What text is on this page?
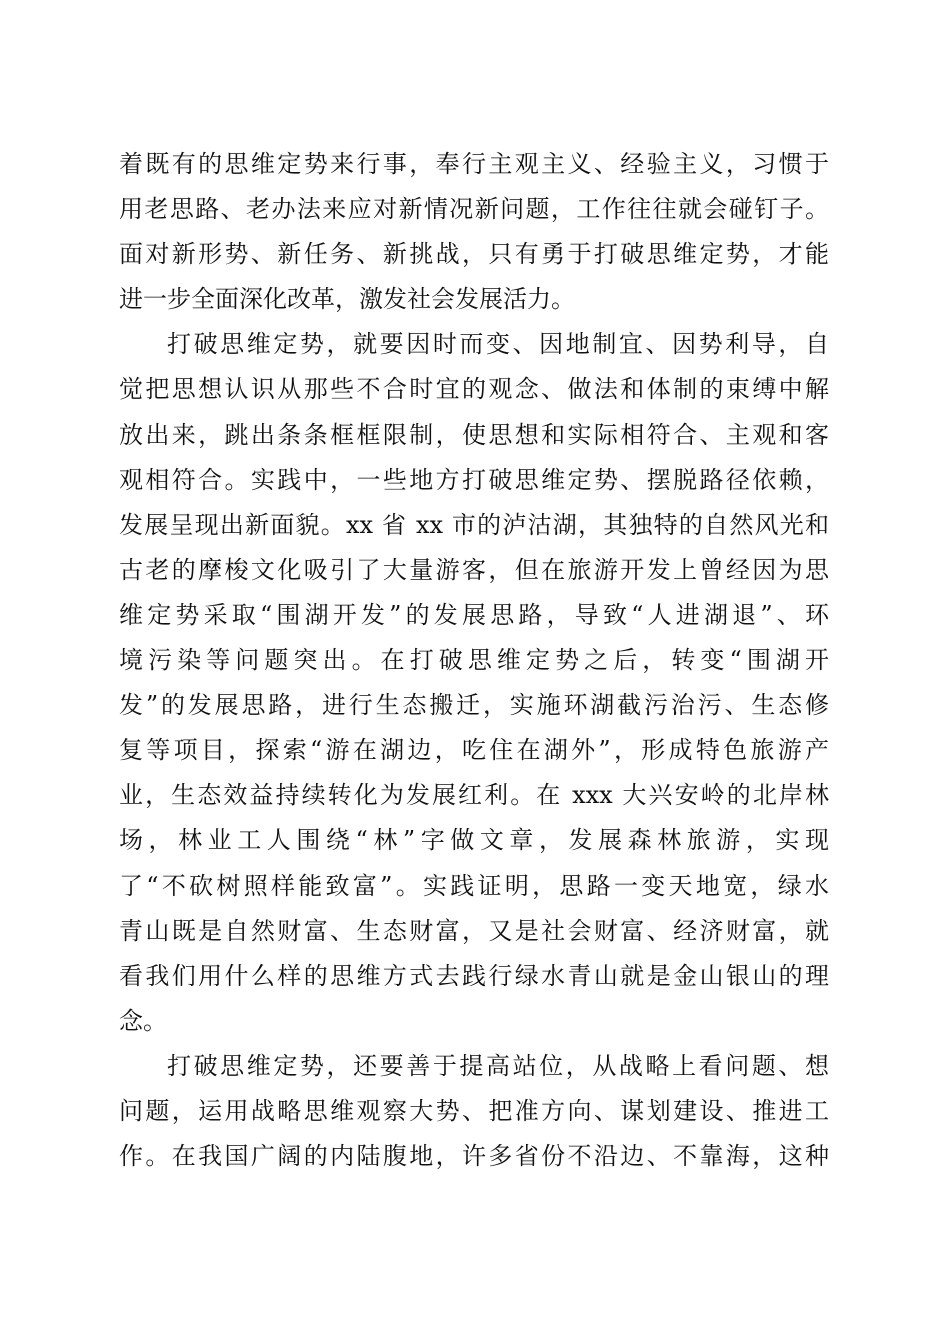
着既有的思维定势来行事，奉行主观主义、经验主义，习惯于
用老思路、老办法来应对新情况新问题，工作往往就会碰钉子。
面对新形势、新任务、新挑战，只有勇于打破思维定势，才能
进一步全面深化改革，激发社会发展活力。
打破思维定势，就要因时而变、因地制宜、因势利导，自
觉把思想认识从那些不合时宜的观念、做法和体制的束缚中解
放出来，跳出条条框框限制，使思想和实际相符合、主观和客
观相符合。实践中，一些地方打破思维定势、摆脱路径依赖，
发展呈现出新面貌。xx 省 xx 市的泸沽湖，其独特的自然风光和
古老的摩梭文化吸引了大量游客，但在旅游开发上曾经因为思
维定势采取“围湖开发”的发展思路，导致“人进湖退”、环
境污染等问题突出。在打破思维定势之后，转变“围湖开
发”的发展思路，进行生态搬迁，实施环湖截污治污、生态修
复等项目，探索“游在湖边，吃住在湖外”，形成特色旅游产
业，生态效益持续转化为发展红利。在 xxx 大兴安岭的北岸林
场，林业工人围绕“林”字做文章，发展森林旅游，实现
了“不砍树照样能致富”。实践证明，思路一变天地宽，绿水
青山既是自然财富、生态财富，又是社会财富、经济财富，就
看我们用什么样的思维方式去践行绿水青山就是金山银山的理
念。
打破思维定势，还要善于提高站位，从战略上看问题、想
问题，运用战略思维观察大势、把准方向、谋划建设、推进工
作。在我国广阔的内陆腹地，许多省份不沿边、不靠海，这种
